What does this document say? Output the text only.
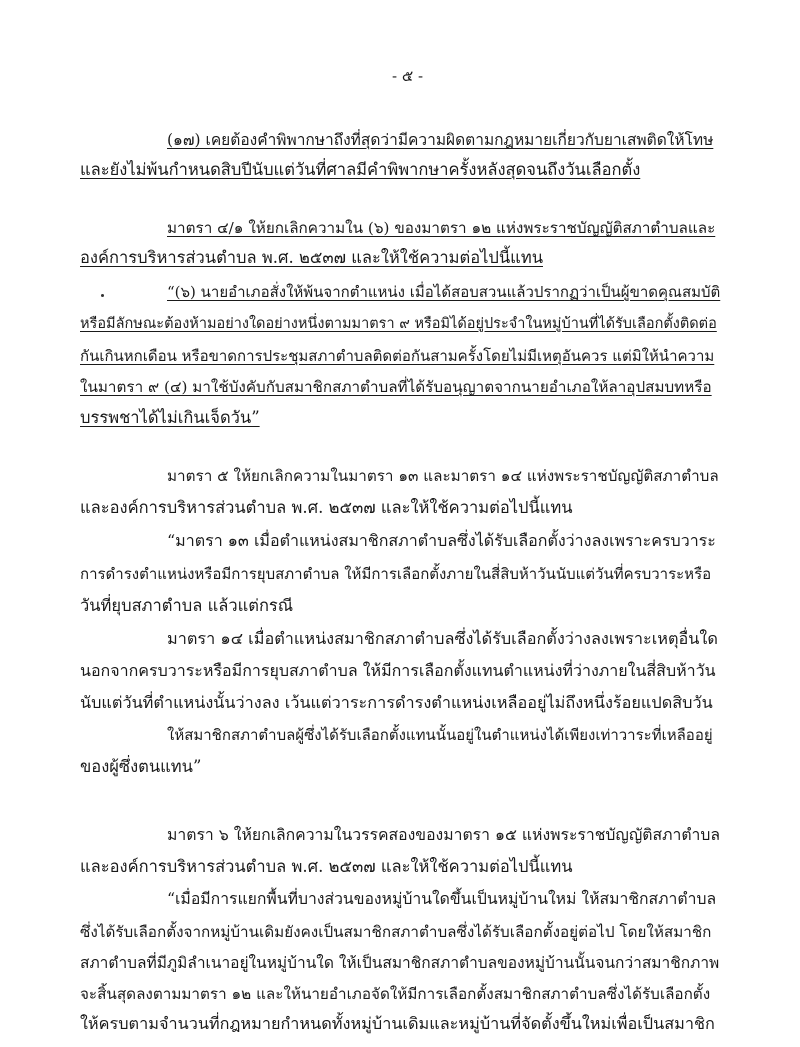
- ๕ -
(๑๗) เคยต้องคำพิพากษาถึงที่สุดว่ามีความผิดตามกฎหมายเกี่ยวกับยาเสพติดให้โทษ
และยังไม่พ้นกำหนดสิบปีนับแต่วันที่ศาลมีคำพิพากษาครั้งหลังสุดจนถึงวันเลือกตั้ง
มาตรา ๔/๑ ให้ยกเลิกความใน (๖) ของมาตรา ๑๒ แห่งพระราชบัญญัติสภาตำบลและ
องค์การบริหารส่วนตำบล พ.ศ. ๒๕๓๗ และให้ใช้ความต่อไปนี้แทน
“(๖) นายอำเภอสั่งให้พ้นจากตำแหน่ง เมื่อได้สอบสวนแล้วปรากฏว่าเป็นผู้ขาดคุณสมบัติ
หรือมีลักษณะต้องห้ามอย่างใดอย่างหนึ่งตามมาตรา ๙ หรือมิได้อยู่ประจำในหมู่บ้านที่ได้รับเลือกตั้งติดต่อ
กันเกินหกเดือน หรือขาดการประชุมสภาตำบลติดต่อกันสามครั้งโดยไม่มีเหตุอันควร แต่มิให้นำความ
ในมาตรา ๙ (๔) มาใช้บังคับกับสมาชิกสภาตำบลที่ได้รับอนุญาตจากนายอำเภอให้ลาอุปสมบทหรือ
บรรพชาได้ไม่เกินเจ็ดวัน”
มาตรา ๕ ให้ยกเลิกความในมาตรา ๑๓ และมาตรา ๑๔ แห่งพระราชบัญญัติสภาตำบล
และองค์การบริหารส่วนตำบล พ.ศ. ๒๕๓๗ และให้ใช้ความต่อไปนี้แทน
“มาตรา ๑๓ เมื่อตำแหน่งสมาชิกสภาตำบลซึ่งได้รับเลือกตั้งว่างลงเพราะครบวาระ
การดำรงตำแหน่งหรือมีการยุบสภาตำบล ให้มีการเลือกตั้งภายในสี่สิบห้าวันนับแต่วันที่ครบวาระหรือ
วันที่ยุบสภาตำบล แล้วแต่กรณี
มาตรา ๑๔ เมื่อตำแหน่งสมาชิกสภาตำบลซึ่งได้รับเลือกตั้งว่างลงเพราะเหตุอื่นใด
นอกจากครบวาระหรือมีการยุบสภาตำบล ให้มีการเลือกตั้งแทนตำแหน่งที่ว่างภายในสี่สิบห้าวัน
นับแต่วันที่ตำแหน่งนั้นว่างลง เว้นแต่วาระการดำรงตำแหน่งเหลืออยู่ไม่ถึงหนึ่งร้อยแปดสิบวัน
ให้สมาชิกสภาตำบลผู้ซึ่งได้รับเลือกตั้งแทนนั้นอยู่ในตำแหน่งได้เพียงเท่าวาระที่เหลืออยู่
ของผู้ซึ่งตนแทน”
มาตรา ๖ ให้ยกเลิกความในวรรคสองของมาตรา ๑๕ แห่งพระราชบัญญัติสภาตำบล
และองค์การบริหารส่วนตำบล พ.ศ. ๒๕๓๗ และให้ใช้ความต่อไปนี้แทน
“เมื่อมีการแยกพื้นที่บางส่วนของหมู่บ้านใดขึ้นเป็นหมู่บ้านใหม่ ให้สมาชิกสภาตำบล
ซึ่งได้รับเลือกตั้งจากหมู่บ้านเดิมยังคงเป็นสมาชิกสภาตำบลซึ่งได้รับเลือกตั้งอยู่ต่อไป โดยให้สมาชิก
สภาตำบลที่มีภูมิลำเนาอยู่ในหมู่บ้านใด ให้เป็นสมาชิกสภาตำบลของหมู่บ้านนั้นจนกว่าสมาชิกภาพ
จะสิ้นสุดลงตามมาตรา ๑๒ และให้นายอำเภอจัดให้มีการเลือกตั้งสมาชิกสภาตำบลซึ่งได้รับเลือกตั้ง
ให้ครบตามจำนวนที่กฎหมายกำหนดทั้งหมู่บ้านเดิมและหมู่บ้านที่จัดตั้งขึ้นใหม่เพื่อเป็นสมาชิก
